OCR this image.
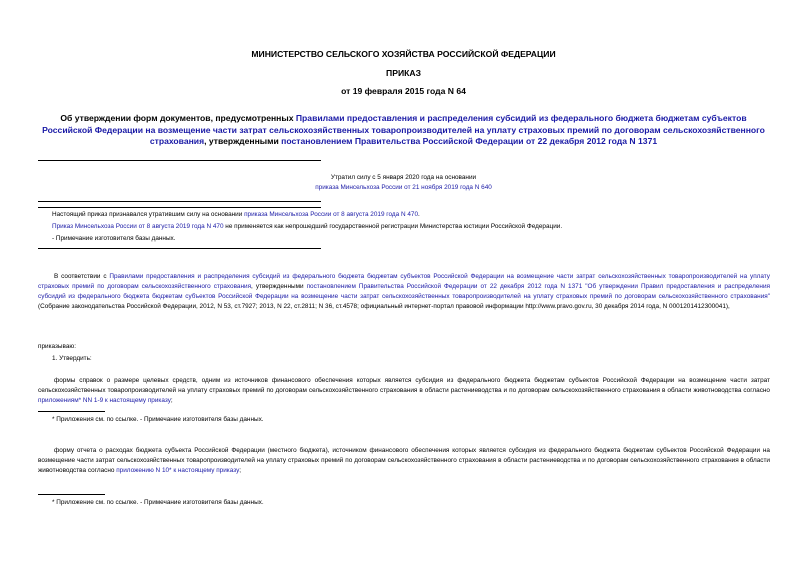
МИНИСТЕРСТВО СЕЛЬСКОГО ХОЗЯЙСТВА РОССИЙСКОЙ ФЕДЕРАЦИИ
ПРИКАЗ
от 19 февраля 2015 года N 64
Об утверждении форм документов, предусмотренных Правилами предоставления и распределения субсидий из федерального бюджета бюджетам субъектов Российской Федерации на возмещение части затрат сельскохозяйственных товаропроизводителей на уплату страховых премий по договорам сельскохозяйственного страхования, утвержденными постановлением Правительства Российской Федерации от 22 декабря 2012 года N 1371
Утратил силу с 5 января 2020 года на основании
приказа Минсельхоза России от 21 ноября 2019 года N 640
Настоящий приказ признавался утратившим силу на основании приказа Минсельхоза России от 8 августа 2019 года N 470.
Приказ Минсельхоза России от 8 августа 2019 года N 470 не применяется как непрошедший государственной регистрации Министерства юстиции Российской Федерации.
- Примечание изготовителя базы данных.

В соответствии с Правилами предоставления и распределения субсидий из федерального бюджета бюджетам субъектов Российской Федерации на возмещение части затрат сельскохозяйственных товаропроизводителей на уплату страховых премий по договорам сельскохозяйственного страхования, утвержденными постановлением Правительства Российской Федерации от 22 декабря 2012 года N 1371 "Об утверждении Правил предоставления и распределения субсидий из федерального бюджета бюджетам субъектов Российской Федерации на возмещение части затрат сельскохозяйственных товаропроизводителей на уплату страховых премий по договорам сельскохозяйственного страхования" (Собрание законодательства Российской Федерации, 2012, N 53, ст.7927; 2013, N 22, ст.2811; N 36, ст.4578; официальный интернет-портал правовой информации http://www.pravo.gov.ru, 30 декабря 2014 года, N 0001201412300041),

приказываю:
1. Утвердить:

формы справок о размере целевых средств, одним из источников финансового обеспечения которых является субсидия из федерального бюджета бюджетам субъектов Российской Федерации на возмещение части затрат сельскохозяйственных товаропроизводителей на уплату страховых премий по договорам сельскохозяйственного страхования в области растениеводства и по договорам сельскохозяйственного страхования в области животноводства согласно приложениям* NN 1-9 к настоящему приказу;

* Приложения см. по ссылке. - Примечание изготовителя базы данных.

форму отчета о расходах бюджета субъекта Российской Федерации (местного бюджета), источником финансового обеспечения которых является субсидия из федерального бюджета бюджетам субъектов Российской Федерации на возмещение части затрат сельскохозяйственных товаропроизводителей на уплату страховых премий по договорам сельскохозяйственного страхования в области растениеводства и по договорам сельскохозяйственного страхования в области животноводства согласно приложению N 10* к настоящему приказу;

* Приложение см. по ссылке. - Примечание изготовителя базы данных.
